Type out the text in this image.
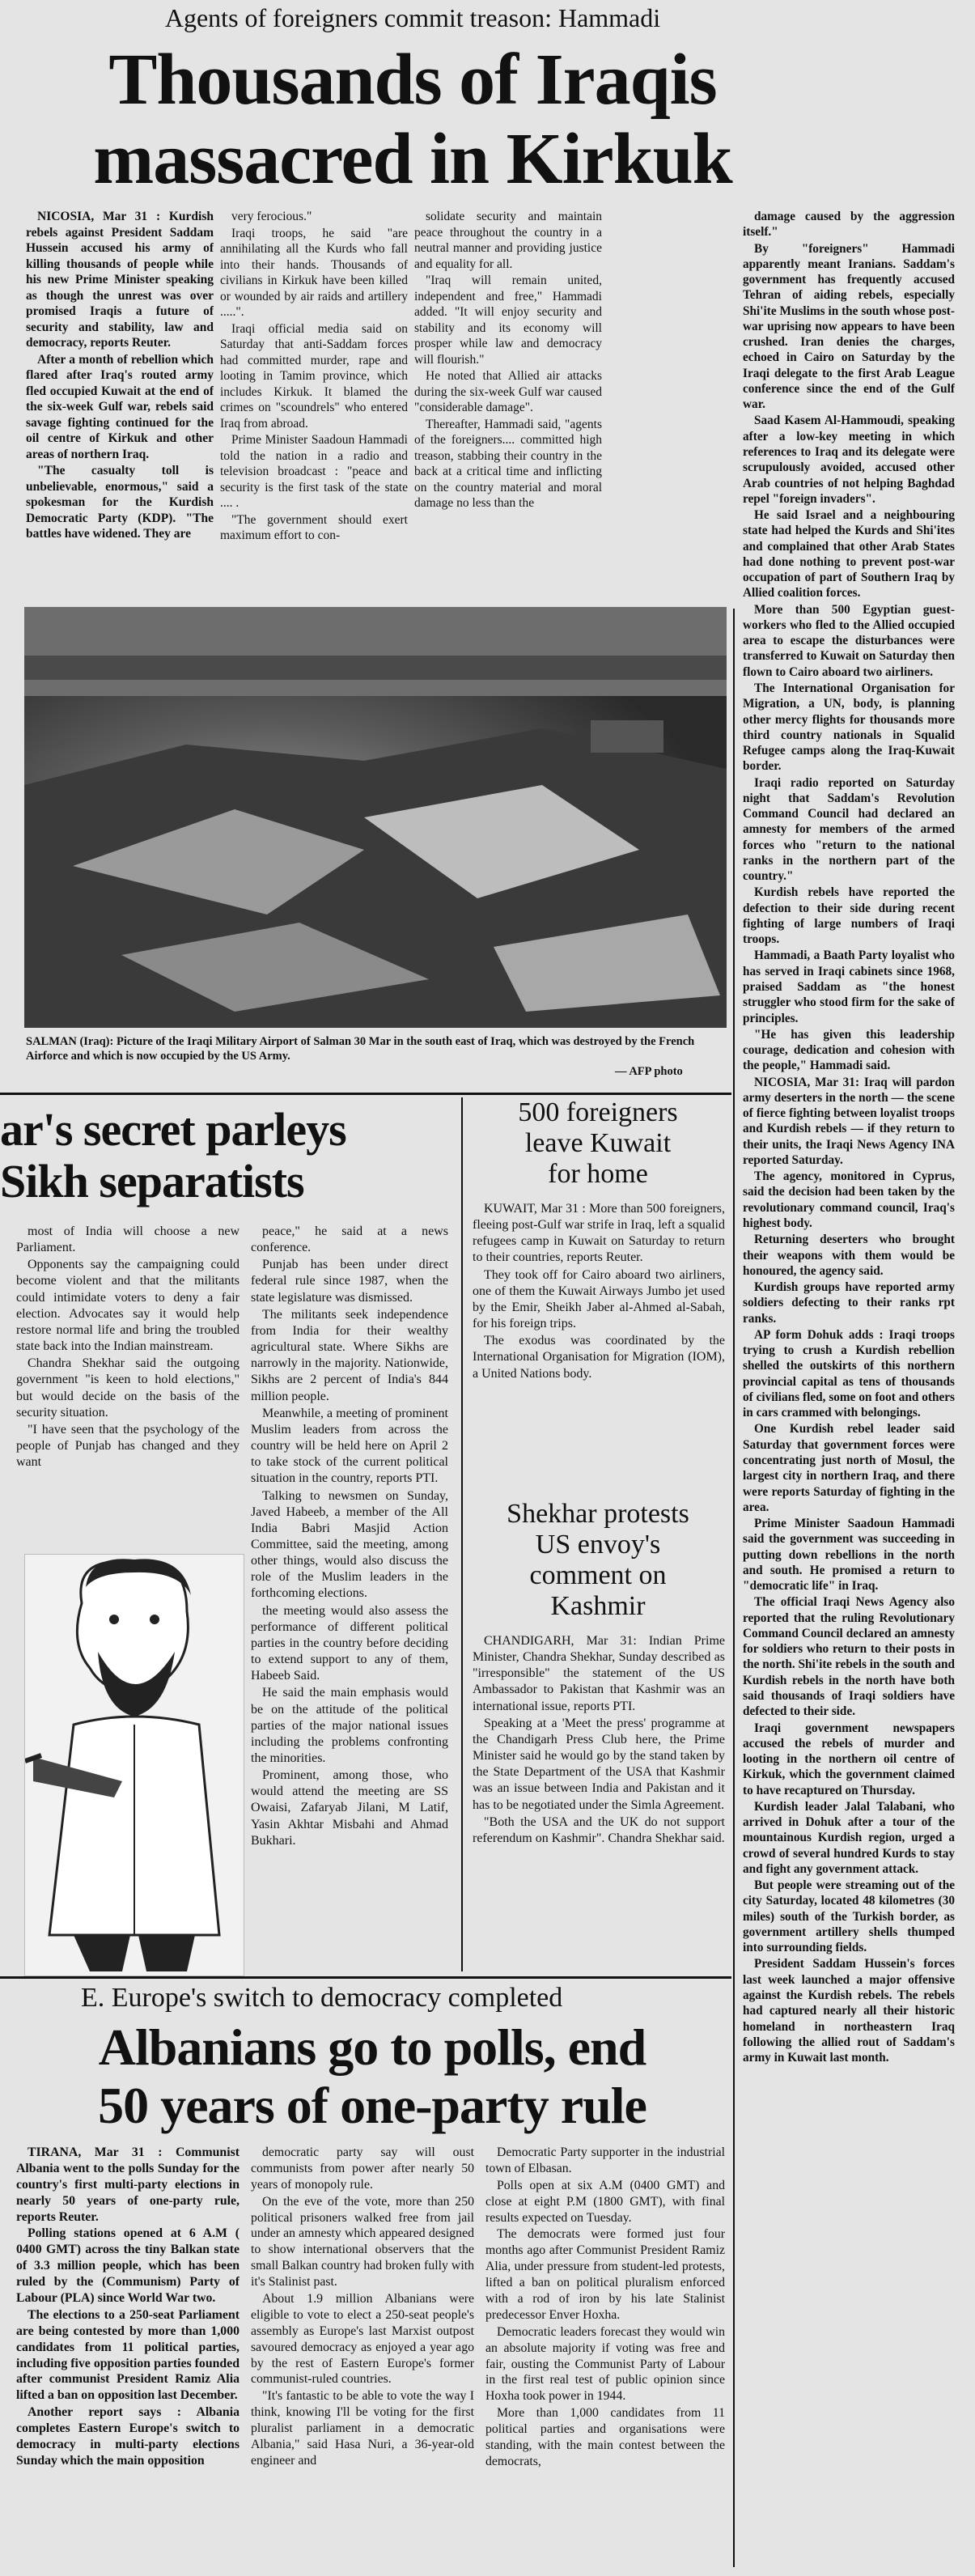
Agents of foreigners commit treason: Hammadi
Thousands of Iraqis
massacred in Kirkuk

NICOSIA, Mar 31 : Kurdish rebels against President Saddam Hussein accused his army of killing thousands of people while his new Prime Minister speaking as though the unrest was over promised Iraqis a future of security and stability, law and democracy, reports Reuter.

After a month of rebellion which flared after Iraq's routed army fled occupied Kuwait at the end of the six-week Gulf war, rebels said savage fighting continued for the oil centre of Kirkuk and other areas of northern Iraq.

"The casualty toll is unbelievable, enormous," said a spokesman for the Kurdish Democratic Party (KDP). "The battles have widened. They are

very ferocious."

Iraqi troops, he said "are annihilating all the Kurds who fall into their hands. Thousands of civilians in Kirkuk have been killed or wounded by air raids and artillery .....".

Iraqi official media said on Saturday that anti-Saddam forces had committed murder, rape and looting in Tamim province, which includes Kirkuk. It blamed the crimes on "scoundrels" who entered Iraq from abroad.

Prime Minister Saadoun Hammadi told the nation in a radio and television broadcast : "peace and security is the first task of the state .... .

"The government should exert maximum effort to con-

solidate security and maintain peace throughout the country in a neutral manner and providing justice and equality for all.

"Iraq will remain united, independent and free," Hammadi added. "It will enjoy security and stability and its economy will prosper while law and democracy will flourish."

He noted that Allied air attacks during the six-week Gulf war caused "considerable damage".

Thereafter, Hammadi said, "agents of the foreigners.... committed high treason, stabbing their country in the back at a critical time and inflicting on the country material and moral damage no less than the

SALMAN (Iraq): Picture of the Iraqi Military Airport of Salman 30 Mar in the south east of Iraq, which was destroyed by the French Airforce and which is now occupied by the US Army.
— AFP photo

damage caused by the aggression itself."

By "foreigners" Hammadi apparently meant Iranians. Saddam's government has frequently accused Tehran of aiding rebels, especially Shi'ite Muslims in the south whose post-war uprising now appears to have been crushed. Iran denies the charges, echoed in Cairo on Saturday by the Iraqi delegate to the first Arab League conference since the end of the Gulf war.

Saad Kasem Al-Hammoudi, speaking after a low-key meeting in which references to Iraq and its delegate were scrupulously avoided, accused other Arab countries of not helping Baghdad repel "foreign invaders".

He said Israel and a neighbouring state had helped the Kurds and Shi'ites and complained that other Arab States had done nothing to prevent post-war occupation of part of Southern Iraq by Allied coalition forces.

More than 500 Egyptian guest-workers who fled to the Allied occupied area to escape the disturbances were transferred to Kuwait on Saturday then flown to Cairo aboard two airliners.

The International Organisation for Migration, a UN, body, is planning other mercy flights for thousands more third country nationals in Squalid Refugee camps along the Iraq-Kuwait border.

Iraqi radio reported on Saturday night that Saddam's Revolution Command Council had declared an amnesty for members of the armed forces who "return to the national ranks in the northern part of the country."

Kurdish rebels have reported the defection to their side during recent fighting of large numbers of Iraqi troops.

Hammadi, a Baath Party loyalist who has served in Iraqi cabinets since 1968, praised Saddam as "the honest struggler who stood firm for the sake of principles.

"He has given this leadership courage, dedication and cohesion with the people," Hammadi said.

NICOSIA, Mar 31: Iraq will pardon army deserters in the north — the scene of fierce fighting between loyalist troops and Kurdish rebels — if they return to their units, the Iraqi News Agency INA reported Saturday.

The agency, monitored in Cyprus, said the decision had been taken by the revolutionary command council, Iraq's highest body.

Returning deserters who brought their weapons with them would be honoured, the agency said.

Kurdish groups have reported army soldiers defecting to their ranks rpt ranks.

AP form Dohuk adds : Iraqi troops trying to crush a Kurdish rebellion shelled the outskirts of this northern provincial capital as tens of thousands of civilians fled, some on foot and others in cars crammed with belongings.

One Kurdish rebel leader said Saturday that government forces were concentrating just north of Mosul, the largest city in northern Iraq, and there were reports Saturday of fighting in the area.

Prime Minister Saadoun Hammadi said the government was succeeding in putting down rebellions in the north and south. He promised a return to "democratic life" in Iraq.

The official Iraqi News Agency also reported that the ruling Revolutionary Command Council declared an amnesty for soldiers who return to their posts in the north. Shi'ite rebels in the south and Kurdish rebels in the north have both said thousands of Iraqi soldiers have defected to their side.

Iraqi government newspapers accused the rebels of murder and looting in the northern oil centre of Kirkuk, which the government claimed to have recaptured on Thursday.

Kurdish leader Jalal Talabani, who arrived in Dohuk after a tour of the mountainous Kurdish region, urged a crowd of several hundred Kurds to stay and fight any government attack.

But people were streaming out of the city Saturday, located 48 kilometres (30 miles) south of the Turkish border, as government artillery shells thumped into surrounding fields.

President Saddam Hussein's forces last week launched a major offensive against the Kurdish rebels. The rebels had captured nearly all their historic homeland in northeastern Iraq following the allied rout of Saddam's army in Kuwait last month.

ar's secret parleys
Sikh separatists

most of India will choose a new Parliament.

Opponents say the campaigning could become violent and that the militants could intimidate voters to deny a fair election. Advocates say it would help restore normal life and bring the troubled state back into the Indian mainstream.

Chandra Shekhar said the outgoing government "is keen to hold elections," but would decide on the basis of the security situation.

"I have seen that the psychology of the people of Punjab has changed and they want

peace," he said at a news conference.

Punjab has been under direct federal rule since 1987, when the state legislature was dismissed.

The militants seek independence from India for their wealthy agricultural state. Where Sikhs are narrowly in the majority. Nationwide, Sikhs are 2 percent of India's 844 million people.

Meanwhile, a meeting of prominent Muslim leaders from across the country will be held here on April 2 to take stock of the current political situation in the country, reports PTI.

Talking to newsmen on Sunday, Javed Habeeb, a member of the All India Babri Masjid Action Committee, said the meeting, among other things, would also discuss the role of the Muslim leaders in the forthcoming elections.

the meeting would also assess the performance of different political parties in the country before deciding to extend support to any of them, Habeeb Said.

He said the main emphasis would be on the attitude of the political parties of the major national issues including the problems confronting the minorities.

Prominent, among those, who would attend the meeting are SS Owaisi, Zafaryab Jilani, M Latif, Yasin Akhtar Misbahi and Ahmad Bukhari.

500 foreigners
leave Kuwait
for home

KUWAIT, Mar 31 : More than 500 foreigners, fleeing post-Gulf war strife in Iraq, left a squalid refugees camp in Kuwait on Saturday to return to their countries, reports Reuter.

They took off for Cairo aboard two airliners, one of them the Kuwait Airways Jumbo jet used by the Emir, Sheikh Jaber al-Ahmed al-Sabah, for his foreign trips.

The exodus was coordinated by the International Organisation for Migration (IOM), a United Nations body.

Shekhar protests
US envoy's
comment on
Kashmir

CHANDIGARH, Mar 31: Indian Prime Minister, Chandra Shekhar, Sunday described as "irresponsible" the statement of the US Ambassador to Pakistan that Kashmir was an international issue, reports PTI.

Speaking at a 'Meet the press' programme at the Chandigarh Press Club here, the Prime Minister said he would go by the stand taken by the State Department of the USA that Kashmir was an issue between India and Pakistan and it has to be negotiated under the Simla Agreement.

"Both the USA and the UK do not support referendum on Kashmir". Chandra Shekhar said.

E. Europe's switch to democracy completed
Albanians go to polls, end
50 years of one-party rule

TIRANA, Mar 31 : Communist Albania went to the polls Sunday for the country's first multi-party elections in nearly 50 years of one-party rule, reports Reuter.

Polling stations opened at 6 A.M ( 0400 GMT) across the tiny Balkan state of 3.3 million people, which has been ruled by the (Communism) Party of Labour (PLA) since World War two.

The elections to a 250-seat Parliament are being contested by more than 1,000 candidates from 11 political parties, including five opposition parties founded after communist President Ramiz Alia lifted a ban on opposition last December.

Another report says : Albania completes Eastern Europe's switch to democracy in multi-party elections Sunday which the main opposition

democratic party say will oust communists from power after nearly 50 years of monopoly rule.

On the eve of the vote, more than 250 political prisoners walked free from jail under an amnesty which appeared designed to show international observers that the small Balkan country had broken fully with it's Stalinist past.

About 1.9 million Albanians were eligible to vote to elect a 250-seat people's assembly as Europe's last Marxist outpost savoured democracy as enjoyed a year ago by the rest of Eastern Europe's former communist-ruled countries.

"It's fantastic to be able to vote the way I think, knowing I'll be voting for the first pluralist parliament in a democratic Albania," said Hasa Nuri, a 36-year-old engineer and

Democratic Party supporter in the industrial town of Elbasan.

Polls open at six A.M (0400 GMT) and close at eight P.M (1800 GMT), with final results expected on Tuesday.

The democrats were formed just four months ago after Communist President Ramiz Alia, under pressure from student-led protests, lifted a ban on political pluralism enforced with a rod of iron by his late Stalinist predecessor Enver Hoxha.

Democratic leaders forecast they would win an absolute majority if voting was free and fair, ousting the Communist Party of Labour in the first real test of public opinion since Hoxha took power in 1944.

More than 1,000 candidates from 11 political parties and organisations were standing, with the main contest between the democrats,
